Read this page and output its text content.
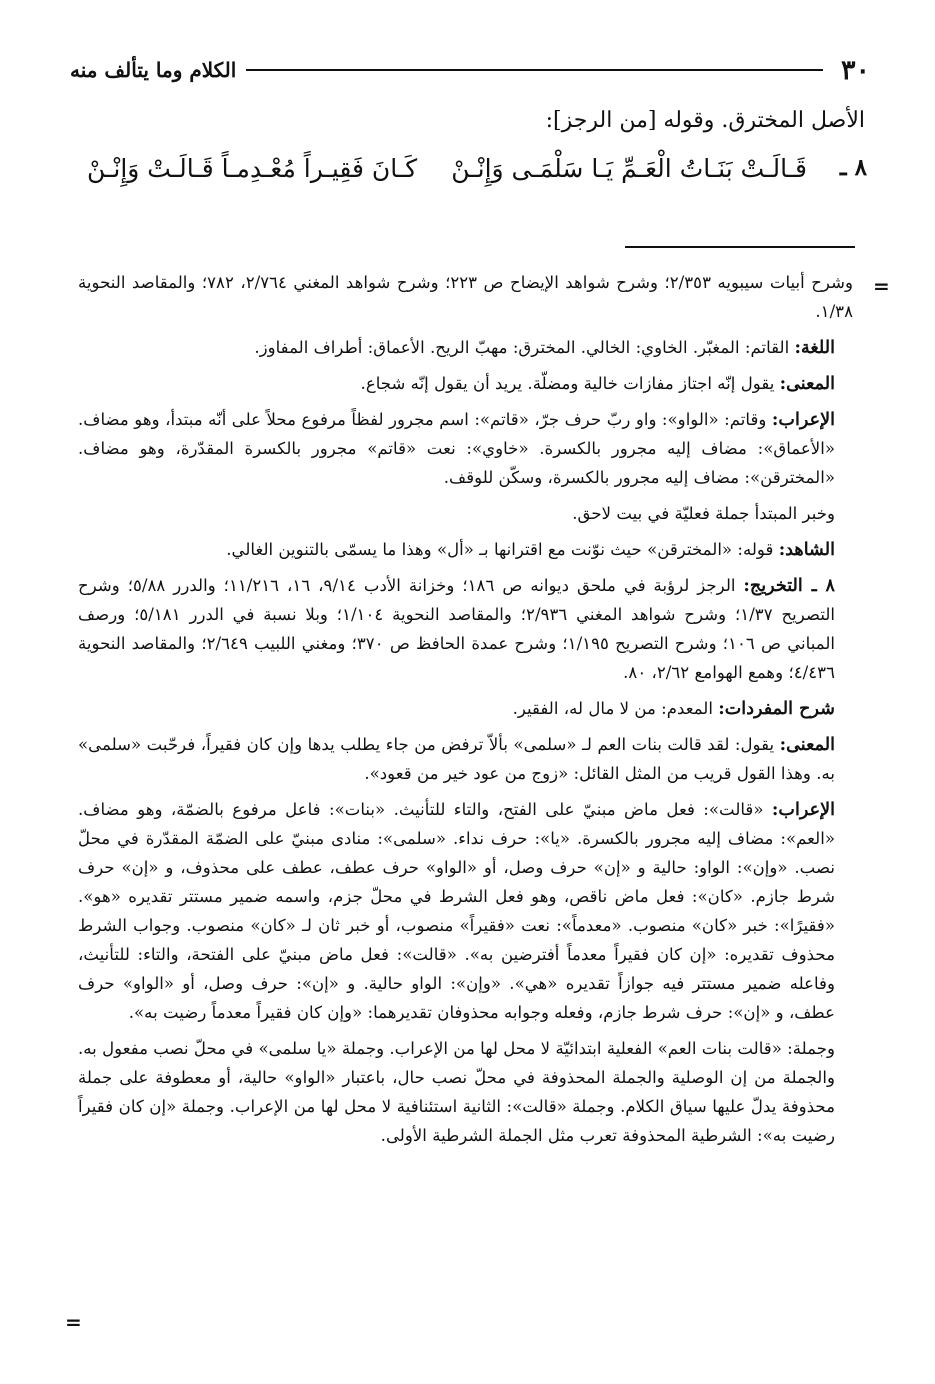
٣٠
الكلام وما يتألف منه
الأصل المخترق. وقوله [من الرجز]:
٨ ـ
قَـالَـتْ بَنَـاتُ الْعَـمِّ يَـا سَلْمَـى وَإِنْـنْ
كَـانَ فَقِيـراً مُعْـدِمـاً قَـالَـتْ وَإِنْـنْ
=

وشرح أبيات سيبويه ٢/٣٥٣؛ وشرح شواهد الإيضاح ص ٢٢٣؛ وشرح شواهد المغني ٢/٧٦٤، ٧٨٢؛ والمقاصد النحوية ١/٣٨.

اللغة: القاتم: المغبّر. الخاوي: الخالي. المخترق: مهبّ الريح. الأعماق: أطراف المفاوز.

المعنى: يقول إنّه اجتاز مفازات خالية ومضلّة. يريد أن يقول إنّه شجاع.

الإعراب: وقاتم: «الواو»: واو ربّ حرف جرّ، «قاتم»: اسم مجرور لفظاً مرفوع محلاً على أنّه مبتدأ، وهو مضاف. «الأعماق»: مضاف إليه مجرور بالكسرة. «خاوي»: نعت «قاتم» مجرور بالكسرة المقدّرة، وهو مضاف. «المخترقن»: مضاف إليه مجرور بالكسرة، وسكّن للوقف.

وخبر المبتدأ جملة فعليّة في بيت لاحق.

الشاهد: قوله: «المخترقن» حيث نوّنت مع اقترانها بـ «أل» وهذا ما يسمّى بالتنوين الغالي.

٨ ـ التخريج: الرجز لرؤبة في ملحق ديوانه ص ١٨٦؛ وخزانة الأدب ٩/١٤، ١٦، ١١/٢١٦؛ والدرر ٥/٨٨؛ وشرح التصريح ١/٣٧؛ وشرح شواهد المغني ٢/٩٣٦؛ والمقاصد النحوية ١/١٠٤؛ وبلا نسبة في الدرر ٥/١٨١؛ ورصف المباني ص ١٠٦؛ وشرح التصريح ١/١٩٥؛ وشرح عمدة الحافظ ص ٣٧٠؛ ومغني اللبيب ٢/٦٤٩؛ والمقاصد النحوية ٤/٤٣٦؛ وهمع الهوامع ٢/٦٢، ٨٠.

شرح المفردات: المعدم: من لا مال له، الفقير.

المعنى: يقول: لقد قالت بنات العم لـ «سلمى» بألاّ ترفض من جاء يطلب يدها وإن كان فقيراً، فرحّبت «سلمى» به. وهذا القول قريب من المثل القائل: «زوج من عود خير من قعود».

الإعراب: «قالت»: فعل ماض مبنيّ على الفتح، والتاء للتأنيث. «بنات»: فاعل مرفوع بالضمّة، وهو مضاف. «العم»: مضاف إليه مجرور بالكسرة. «يا»: حرف نداء. «سلمى»: منادى مبنيّ على الضمّة المقدّرة في محلّ نصب. «وإن»: الواو: حالية و «إن» حرف وصل، أو «الواو» حرف عطف، عطف على محذوف، و «إن» حرف شرط جازم. «كان»: فعل ماض ناقص، وهو فعل الشرط في محلّ جزم، واسمه ضمير مستتر تقديره «هو». «فقيرًا»: خبر «كان» منصوب. «معدماً»: نعت «فقيراً» منصوب، أو خبر ثان لـ «كان» منصوب. وجواب الشرط محذوف تقديره: «إن كان فقيراً معدماً أفترضين به». «قالت»: فعل ماض مبنيّ على الفتحة، والتاء: للتأنيث، وفاعله ضمير مستتر فيه جوازاً تقديره «هي». «وإن»: الواو حالية. و «إن»: حرف وصل، أو «الواو» حرف عطف، و «إن»: حرف شرط جازم، وفعله وجوابه محذوفان تقديرهما: «وإن كان فقيراً معدماً رضيت به».

وجملة: «قالت بنات العم» الفعلية ابتدائيّة لا محل لها من الإعراب. وجملة «يا سلمى» في محلّ نصب مفعول به. والجملة من إن الوصلية والجملة المحذوفة في محلّ نصب حال، باعتبار «الواو» حالية، أو معطوفة على جملة محذوفة يدلّ عليها سياق الكلام. وجملة «قالت»: الثانية استئنافية لا محل لها من الإعراب. وجملة «إن كان فقيراً رضيت به»: الشرطية المحذوفة تعرب مثل الجملة الشرطية الأولى.

=
